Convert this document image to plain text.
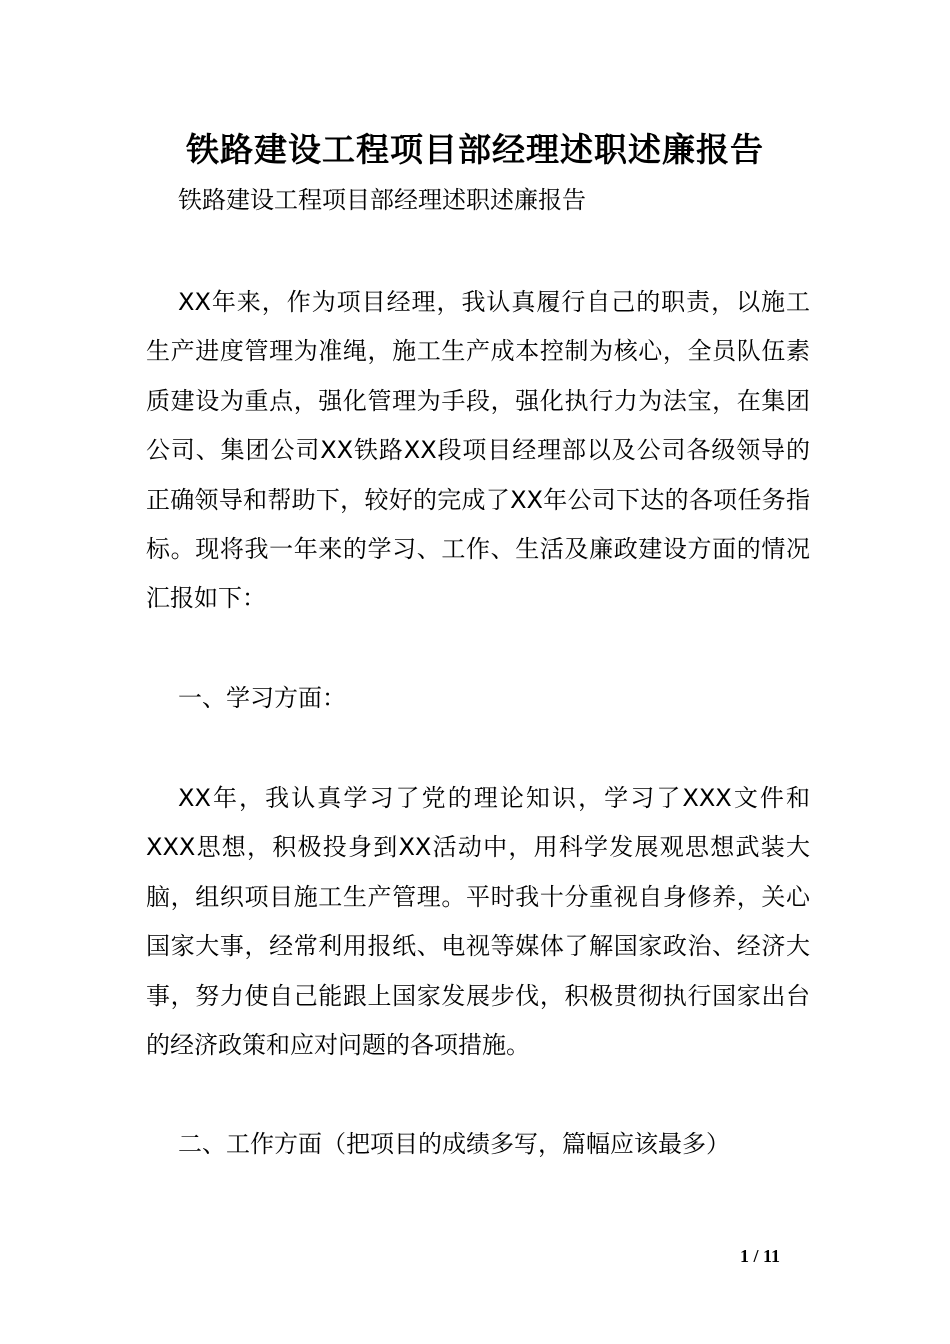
铁路建设工程项目部经理述职述廉报告
铁路建设工程项目部经理述职述廉报告

XX年来，作为项目经理，我认真履行自己的职责，以施工生产进度管理为准绳，施工生产成本控制为核心，全员队伍素质建设为重点，强化管理为手段，强化执行力为法宝，在集团公司、集团公司XX铁路XX段项目经理部以及公司各级领导的正确领导和帮助下，较好的完成了XX年公司下达的各项任务指标。现将我一年来的学习、工作、生活及廉政建设方面的情况汇报如下：

一、学习方面：

XX年，我认真学习了党的理论知识，学习了XXX文件和XXX思想，积极投身到XX活动中，用科学发展观思想武装大脑，组织项目施工生产管理。平时我十分重视自身修养，关心国家大事，经常利用报纸、电视等媒体了解国家政治、经济大事，努力使自己能跟上国家发展步伐，积极贯彻执行国家出台的经济政策和应对问题的各项措施。

二、工作方面（把项目的成绩多写，篇幅应该最多）

1 / 11
